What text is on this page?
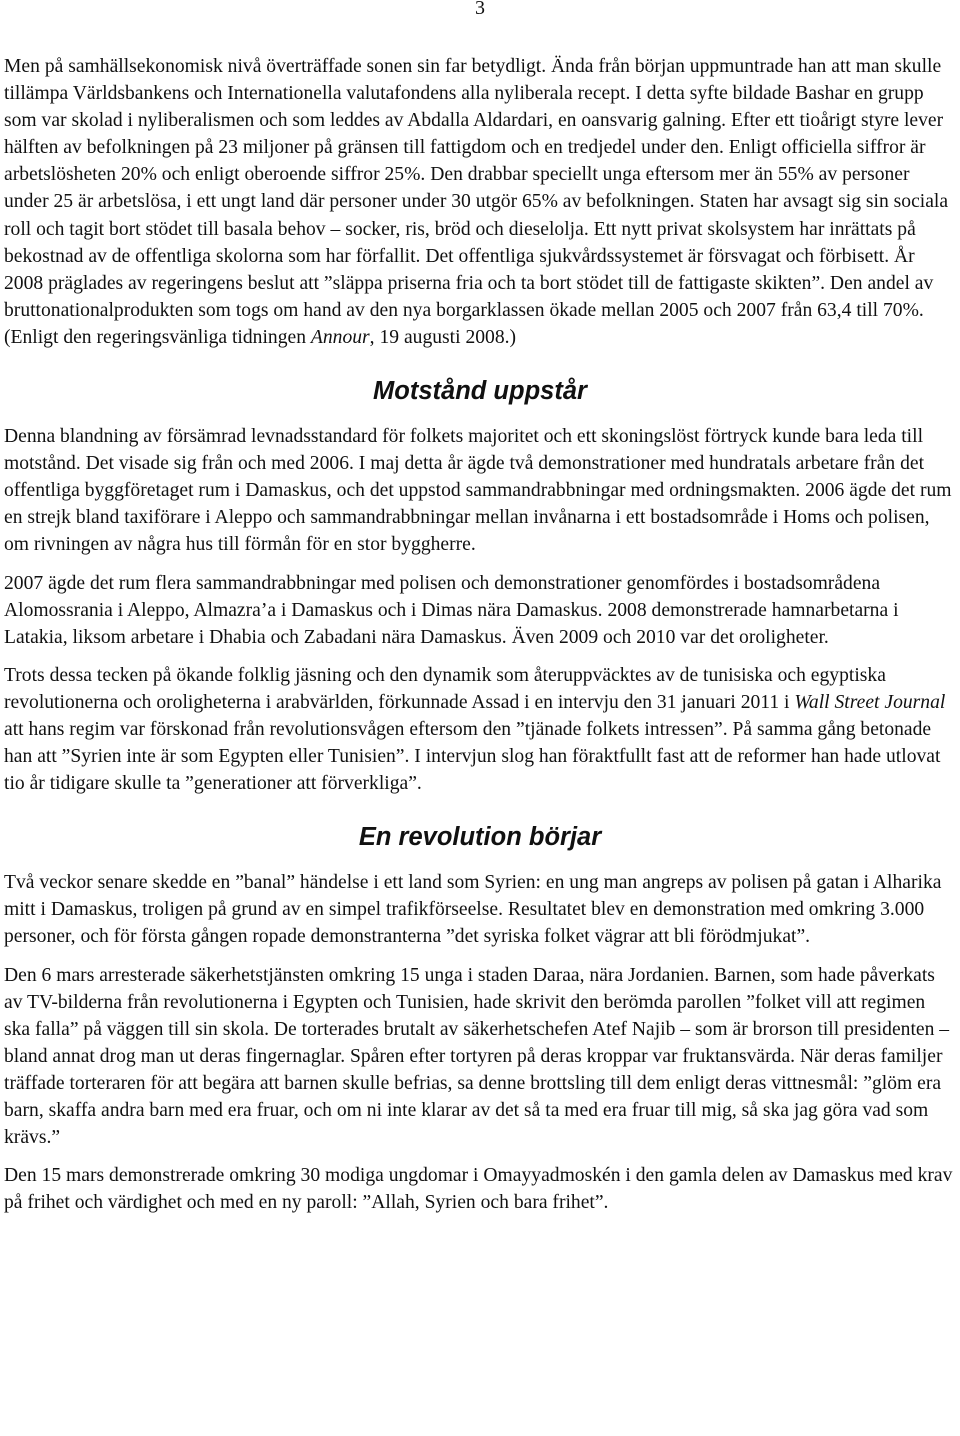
3

Men på samhällsekonomisk nivå överträffade sonen sin far betydligt. Ända från början uppmuntrade han att man skulle tillämpa Världsbankens och Internationella valutafondens alla nyliberala recept. I detta syfte bildade Bashar en grupp som var skolad i nyliberalismen och som leddes av Abdalla Aldardari, en oansvarig galning. Efter ett tioårigt styre lever hälften av befolkningen på 23 miljoner på gränsen till fattigdom och en tredjedel under den. Enligt officiella siffror är arbetslösheten 20% och enligt oberoende siffror 25%. Den drabbar speciellt unga eftersom mer än 55% av personer under 25 är arbetslösa, i ett ungt land där personer under 30 utgör 65% av befolkningen. Staten har avsagt sig sin sociala roll och tagit bort stödet till basala behov – socker, ris, bröd och dieselolja. Ett nytt privat skolsystem har inrättats på bekostnad av de offentliga skolorna som har förfallit. Det offentliga sjukvårdssystemet är försvagat och förbisett. År 2008 präglades av regeringens beslut att ”släppa priserna fria och ta bort stödet till de fattigaste skikten”. Den andel av bruttonationalprodukten som togs om hand av den nya borgarklassen ökade mellan 2005 och 2007 från 63,4 till 70%. (Enligt den regeringsvänliga tidningen Annour, 19 augusti 2008.)

Motstånd uppstår

Denna blandning av försämrad levnadsstandard för folkets majoritet och ett skoningslöst förtryck kunde bara leda till motstånd. Det visade sig från och med 2006. I maj detta år ägde två demonstrationer med hundratals arbetare från det offentliga byggföretaget rum i Damaskus, och det uppstod sammandrabbningar med ordningsmakten. 2006 ägde det rum en strejk bland taxiförare i Aleppo och sammandrabbningar mellan invånarna i ett bostadsområde i Homs och polisen, om rivningen av några hus till förmån för en stor byggherre.

2007 ägde det rum flera sammandrabbningar med polisen och demonstrationer genomfördes i bostadsområdena Alomossrania i Aleppo, Almazra’a i Damaskus och i Dimas nära Damaskus. 2008 demonstrerade hamnarbetarna i Latakia, liksom arbetare i Dhabia och Zabadani nära Damaskus. Även 2009 och 2010 var det oroligheter.

Trots dessa tecken på ökande folklig jäsning och den dynamik som återuppväcktes av de tunisiska och egyptiska revolutionerna och oroligheterna i arabvärlden, förkunnade Assad i en intervju den 31 januari 2011 i Wall Street Journal att hans regim var förskonad från revolutionsvågen eftersom den ”tjänade folkets intressen”. På samma gång betonade han att ”Syrien inte är som Egypten eller Tunisien”. I intervjun slog han föraktfullt fast att de reformer han hade utlovat tio år tidigare skulle ta ”generationer att förverkliga”.

En revolution börjar

Två veckor senare skedde en ”banal” händelse i ett land som Syrien: en ung man angreps av polisen på gatan i Alharika mitt i Damaskus, troligen på grund av en simpel trafikförseelse. Resultatet blev en demonstration med omkring 3.000 personer, och för första gången ropade demonstranterna ”det syriska folket vägrar att bli förödmjukat”.

Den 6 mars arresterade säkerhetstjänsten omkring 15 unga i staden Daraa, nära Jordanien. Barnen, som hade påverkats av TV-bilderna från revolutionerna i Egypten och Tunisien, hade skrivit den berömda parollen ”folket vill att regimen ska falla” på väggen till sin skola. De torterades brutalt av säkerhetschefen Atef Najib – som är brorson till presidenten – bland annat drog man ut deras fingernaglar. Spåren efter tortyren på deras kroppar var fruktansvärda. När deras familjer träffade torteraren för att begära att barnen skulle befrias, sa denne brottsling till dem enligt deras vittnesmål: ”glöm era barn, skaffa andra barn med era fruar, och om ni inte klarar av det så ta med era fruar till mig, så ska jag göra vad som krävs.”

Den 15 mars demonstrerade omkring 30 modiga ungdomar i Omayyadmoskén i den gamla delen av Damaskus med krav på frihet och värdighet och med en ny paroll: ”Allah, Syrien och bara frihet”.
